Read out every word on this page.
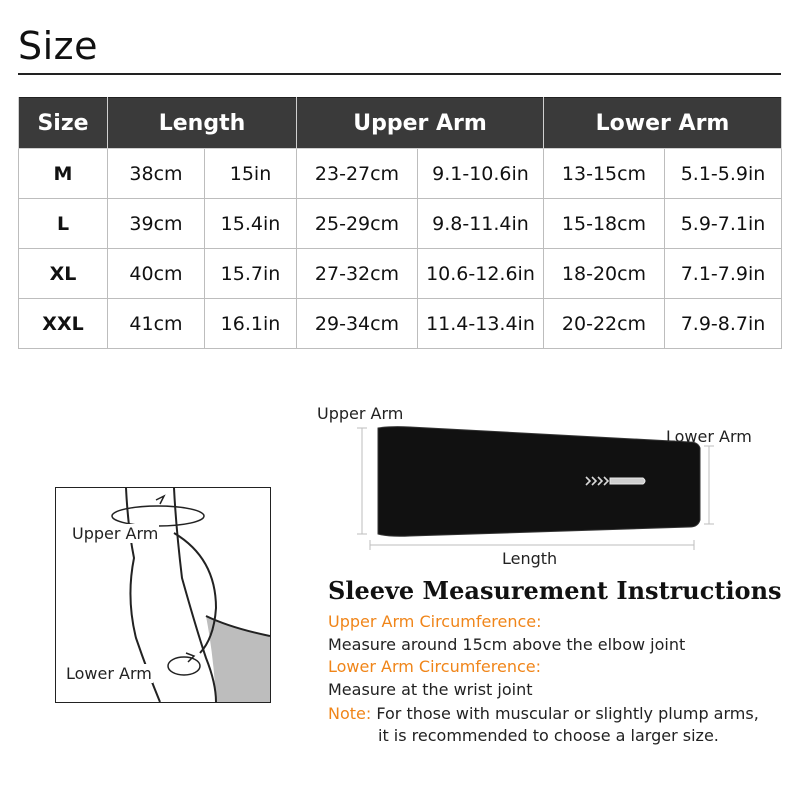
Size
Size	Length		Upper Arm		Lower Arm	
M	38cm	15in	23-27cm	9.1-10.6in	13-15cm	5.1-5.9in
L	39cm	15.4in	25-29cm	9.8-11.4in	15-18cm	5.9-7.1in
XL	40cm	15.7in	27-32cm	10.6-12.6in	18-20cm	7.1-7.9in
XXL	41cm	16.1in	29-34cm	11.4-13.4in	20-22cm	7.9-8.7in
Upper Arm
Lower Arm
Upper Arm
Lower Arm
Length
Sleeve Measurement Instructions
Upper Arm Circumference:
Measure around 15cm above the elbow joint
Lower Arm Circumference:
Measure at the wrist joint
Note: For those with muscular or slightly plump arms,
it is recommended to choose a larger size.
